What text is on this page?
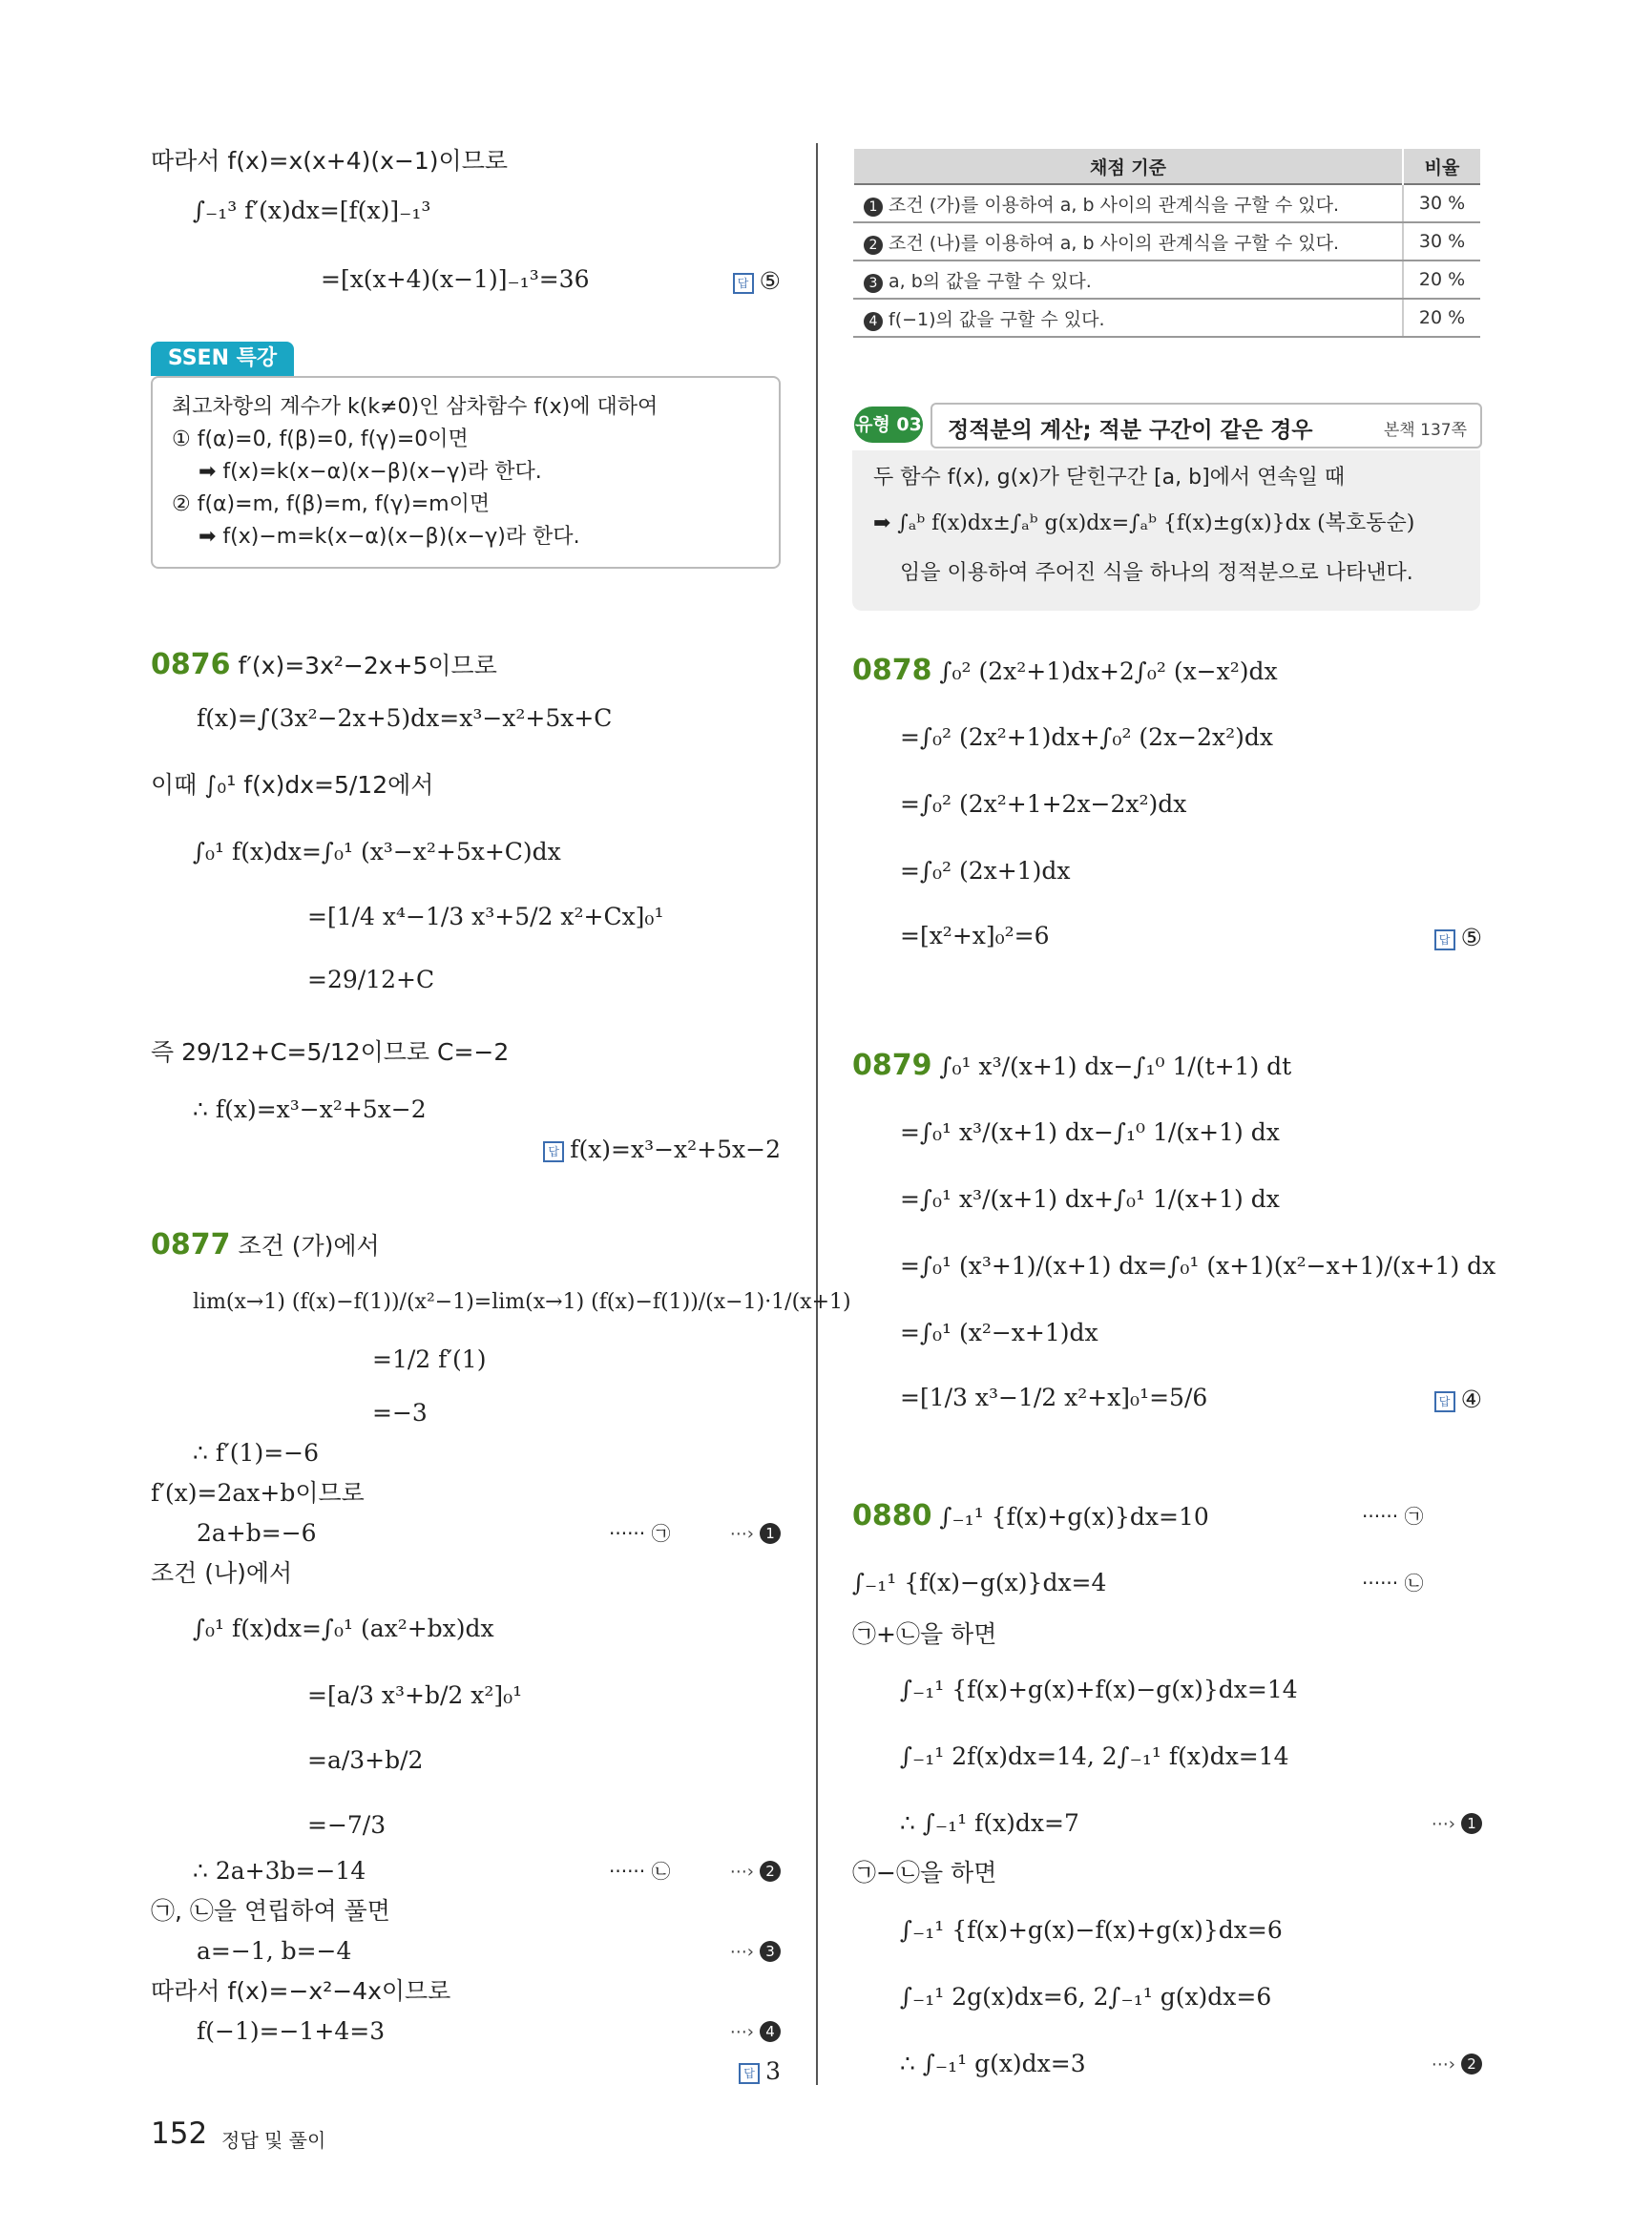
따라서 f(x)=x(x+4)(x−1)이므로
∫₋₁³ f′(x)dx=[f(x)]₋₁³
=[x(x+4)(x−1)]₋₁³=36	답 ⑤
SSEN 특강
최고차항의 계수가 k(k≠0)인 삼차함수 f(x)에 대하여
① f(α)=0, f(β)=0, f(γ)=0이면
➡ f(x)=k(x−α)(x−β)(x−γ)라 한다.
② f(α)=m, f(β)=m, f(γ)=m이면
➡ f(x)−m=k(x−α)(x−β)(x−γ)라 한다.
0876 f′(x)=3x²−2x+5이므로
f(x)=∫(3x²−2x+5)dx=x³−x²+5x+C
이때 ∫₀¹ f(x)dx=5/12에서
∫₀¹ f(x)dx=∫₀¹ (x³−x²+5x+C)dx
=[1/4 x⁴−1/3 x³+5/2 x²+Cx]₀¹
=29/12+C
즉 29/12+C=5/12이므로 C=−2
∴ f(x)=x³−x²+5x−2
답 f(x)=x³−x²+5x−2
0877 조건 (가)에서
lim(x→1) (f(x)−f(1))/(x²−1)=lim(x→1) (f(x)−f(1))/(x−1)·1/(x+1)
=1/2 f′(1)
=−3
∴ f′(1)=−6
f′(x)=2ax+b이므로
2a+b=−6	······ ㉠	⋯› 1
조건 (나)에서
∫₀¹ f(x)dx=∫₀¹ (ax²+bx)dx
=[a/3 x³+b/2 x²]₀¹
=a/3+b/2
=−7/3
∴ 2a+3b=−14	······ ㉡	⋯› 2
㉠, ㉡을 연립하여 풀면
a=−1, b=−4	⋯› 3
따라서 f(x)=−x²−4x이므로
f(−1)=−1+4=3	⋯› 4
답 3
채점 기준	비율
1 조건 (가)를 이용하여 a, b 사이의 관계식을 구할 수 있다.	30 %
2 조건 (나)를 이용하여 a, b 사이의 관계식을 구할 수 있다.	30 %
3 a, b의 값을 구할 수 있다.	20 %
4 f(−1)의 값을 구할 수 있다.	20 %
유형 03 정적분의 계산; 적분 구간이 같은 경우	본책 137쪽
두 함수 f(x), g(x)가 닫힌구간 [a, b]에서 연속일 때
➡ ∫ₐᵇ f(x)dx±∫ₐᵇ g(x)dx=∫ₐᵇ {f(x)±g(x)}dx (복호동순)
임을 이용하여 주어진 식을 하나의 정적분으로 나타낸다.
0878 ∫₀² (2x²+1)dx+2∫₀² (x−x²)dx
=∫₀² (2x²+1)dx+∫₀² (2x−2x²)dx
=∫₀² (2x²+1+2x−2x²)dx
=∫₀² (2x+1)dx
=[x²+x]₀²=6	답 ⑤
0879 ∫₀¹ x³/(x+1) dx−∫₁⁰ 1/(t+1) dt
=∫₀¹ x³/(x+1) dx−∫₁⁰ 1/(x+1) dx
=∫₀¹ x³/(x+1) dx+∫₀¹ 1/(x+1) dx
=∫₀¹ (x³+1)/(x+1) dx=∫₀¹ (x+1)(x²−x+1)/(x+1) dx
=∫₀¹ (x²−x+1)dx
=[1/3 x³−1/2 x²+x]₀¹=5/6	답 ④
0880 ∫₋₁¹ {f(x)+g(x)}dx=10	······ ㉠
∫₋₁¹ {f(x)−g(x)}dx=4	······ ㉡
㉠+㉡을 하면
∫₋₁¹ {f(x)+g(x)+f(x)−g(x)}dx=14
∫₋₁¹ 2f(x)dx=14, 2∫₋₁¹ f(x)dx=14
∴ ∫₋₁¹ f(x)dx=7	⋯› 1
㉠−㉡을 하면
∫₋₁¹ {f(x)+g(x)−f(x)+g(x)}dx=6
∫₋₁¹ 2g(x)dx=6, 2∫₋₁¹ g(x)dx=6
∴ ∫₋₁¹ g(x)dx=3	⋯› 2
152 정답 및 풀이
